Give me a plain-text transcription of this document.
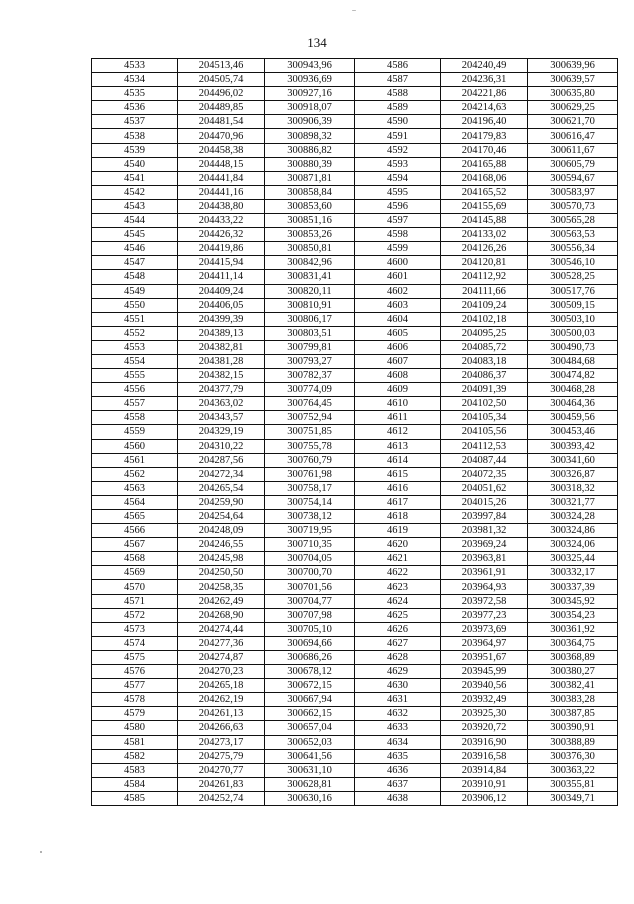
134
4533	204513,46	300943,96	4586	204240,49	300639,96
4534	204505,74	300936,69	4587	204236,31	300639,57
4535	204496,02	300927,16	4588	204221,86	300635,80
4536	204489,85	300918,07	4589	204214,63	300629,25
4537	204481,54	300906,39	4590	204196,40	300621,70
4538	204470,96	300898,32	4591	204179,83	300616,47
4539	204458,38	300886,82	4592	204170,46	300611,67
4540	204448,15	300880,39	4593	204165,88	300605,79
4541	204441,84	300871,81	4594	204168,06	300594,67
4542	204441,16	300858,84	4595	204165,52	300583,97
4543	204438,80	300853,60	4596	204155,69	300570,73
4544	204433,22	300851,16	4597	204145,88	300565,28
4545	204426,32	300853,26	4598	204133,02	300563,53
4546	204419,86	300850,81	4599	204126,26	300556,34
4547	204415,94	300842,96	4600	204120,81	300546,10
4548	204411,14	300831,41	4601	204112,92	300528,25
4549	204409,24	300820,11	4602	204111,66	300517,76
4550	204406,05	300810,91	4603	204109,24	300509,15
4551	204399,39	300806,17	4604	204102,18	300503,10
4552	204389,13	300803,51	4605	204095,25	300500,03
4553	204382,81	300799,81	4606	204085,72	300490,73
4554	204381,28	300793,27	4607	204083,18	300484,68
4555	204382,15	300782,37	4608	204086,37	300474,82
4556	204377,79	300774,09	4609	204091,39	300468,28
4557	204363,02	300764,45	4610	204102,50	300464,36
4558	204343,57	300752,94	4611	204105,34	300459,56
4559	204329,19	300751,85	4612	204105,56	300453,46
4560	204310,22	300755,78	4613	204112,53	300393,42
4561	204287,56	300760,79	4614	204087,44	300341,60
4562	204272,34	300761,98	4615	204072,35	300326,87
4563	204265,54	300758,17	4616	204051,62	300318,32
4564	204259,90	300754,14	4617	204015,26	300321,77
4565	204254,64	300738,12	4618	203997,84	300324,28
4566	204248,09	300719,95	4619	203981,32	300324,86
4567	204246,55	300710,35	4620	203969,24	300324,06
4568	204245,98	300704,05	4621	203963,81	300325,44
4569	204250,50	300700,70	4622	203961,91	300332,17
4570	204258,35	300701,56	4623	203964,93	300337,39
4571	204262,49	300704,77	4624	203972,58	300345,92
4572	204268,90	300707,98	4625	203977,23	300354,23
4573	204274,44	300705,10	4626	203973,69	300361,92
4574	204277,36	300694,66	4627	203964,97	300364,75
4575	204274,87	300686,26	4628	203951,67	300368,89
4576	204270,23	300678,12	4629	203945,99	300380,27
4577	204265,18	300672,15	4630	203940,56	300382,41
4578	204262,19	300667,94	4631	203932,49	300383,28
4579	204261,13	300662,15	4632	203925,30	300387,85
4580	204266,63	300657,04	4633	203920,72	300390,91
4581	204273,17	300652,03	4634	203916,90	300388,89
4582	204275,79	300641,56	4635	203916,58	300376,30
4583	204270,77	300631,10	4636	203914,84	300363,22
4584	204261,83	300628,81	4637	203910,91	300355,81
4585	204252,74	300630,16	4638	203906,12	300349,71
